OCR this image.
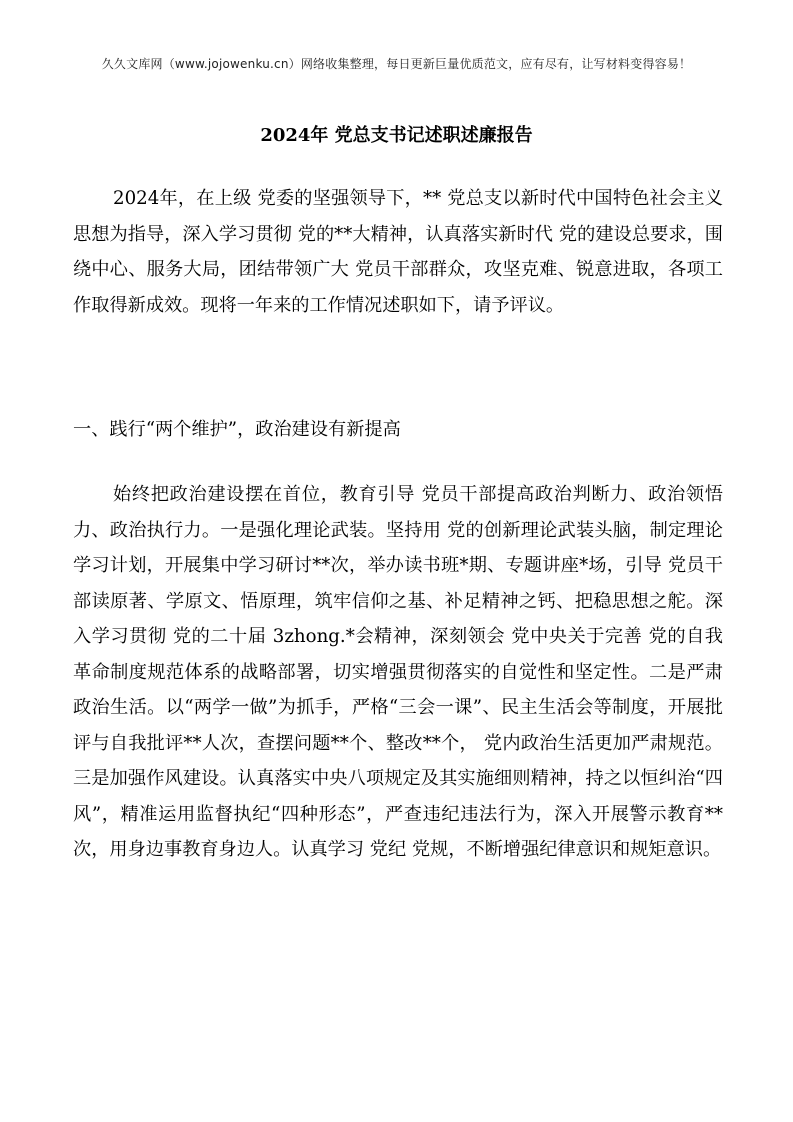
久久文库网（www.jojowenku.cn）网络收集整理，每日更新巨量优质范文，应有尽有，让写材料变得容易！
2024年 党总支书记述职述廉报告

2024年，在上级 党委的坚强领导下，** 党总支以新时代中国特色社会主义思想为指导，深入学习贯彻 党的**大精神，认真落实新时代 党的建设总要求，围绕中心、服务大局，团结带领广大 党员干部群众，攻坚克难、锐意进取，各项工作取得新成效。现将一年来的工作情况述职如下，请予评议。

一、践行“两个维护”，政治建设有新提高

始终把政治建设摆在首位，教育引导 党员干部提高政治判断力、政治领悟力、政治执行力。一是强化理论武装。坚持用 党的创新理论武装头脑，制定理论学习计划，开展集中学习研讨**次，举办读书班*期、专题讲座*场，引导 党员干部读原著、学原文、悟原理，筑牢信仰之基、补足精神之钙、把稳思想之舵。深入学习贯彻 党的二十届 3zhong.*会精神，深刻领会 党中央关于完善 党的自我革命制度规范体系的战略部署，切实增强贯彻落实的自觉性和坚定性。二是严肃政治生活。以“两学一做”为抓手，严格“三会一课”、民主生活会等制度，开展批评与自我批评**人次，查摆问题**个、整改**个， 党内政治生活更加严肃规范。三是加强作风建设。认真落实中央八项规定及其实施细则精神，持之以恒纠治“四风”，精准运用监督执纪“四种形态”，严查违纪违法行为，深入开展警示教育**次，用身边事教育身边人。认真学习 党纪 党规，不断增强纪律意识和规矩意识。
